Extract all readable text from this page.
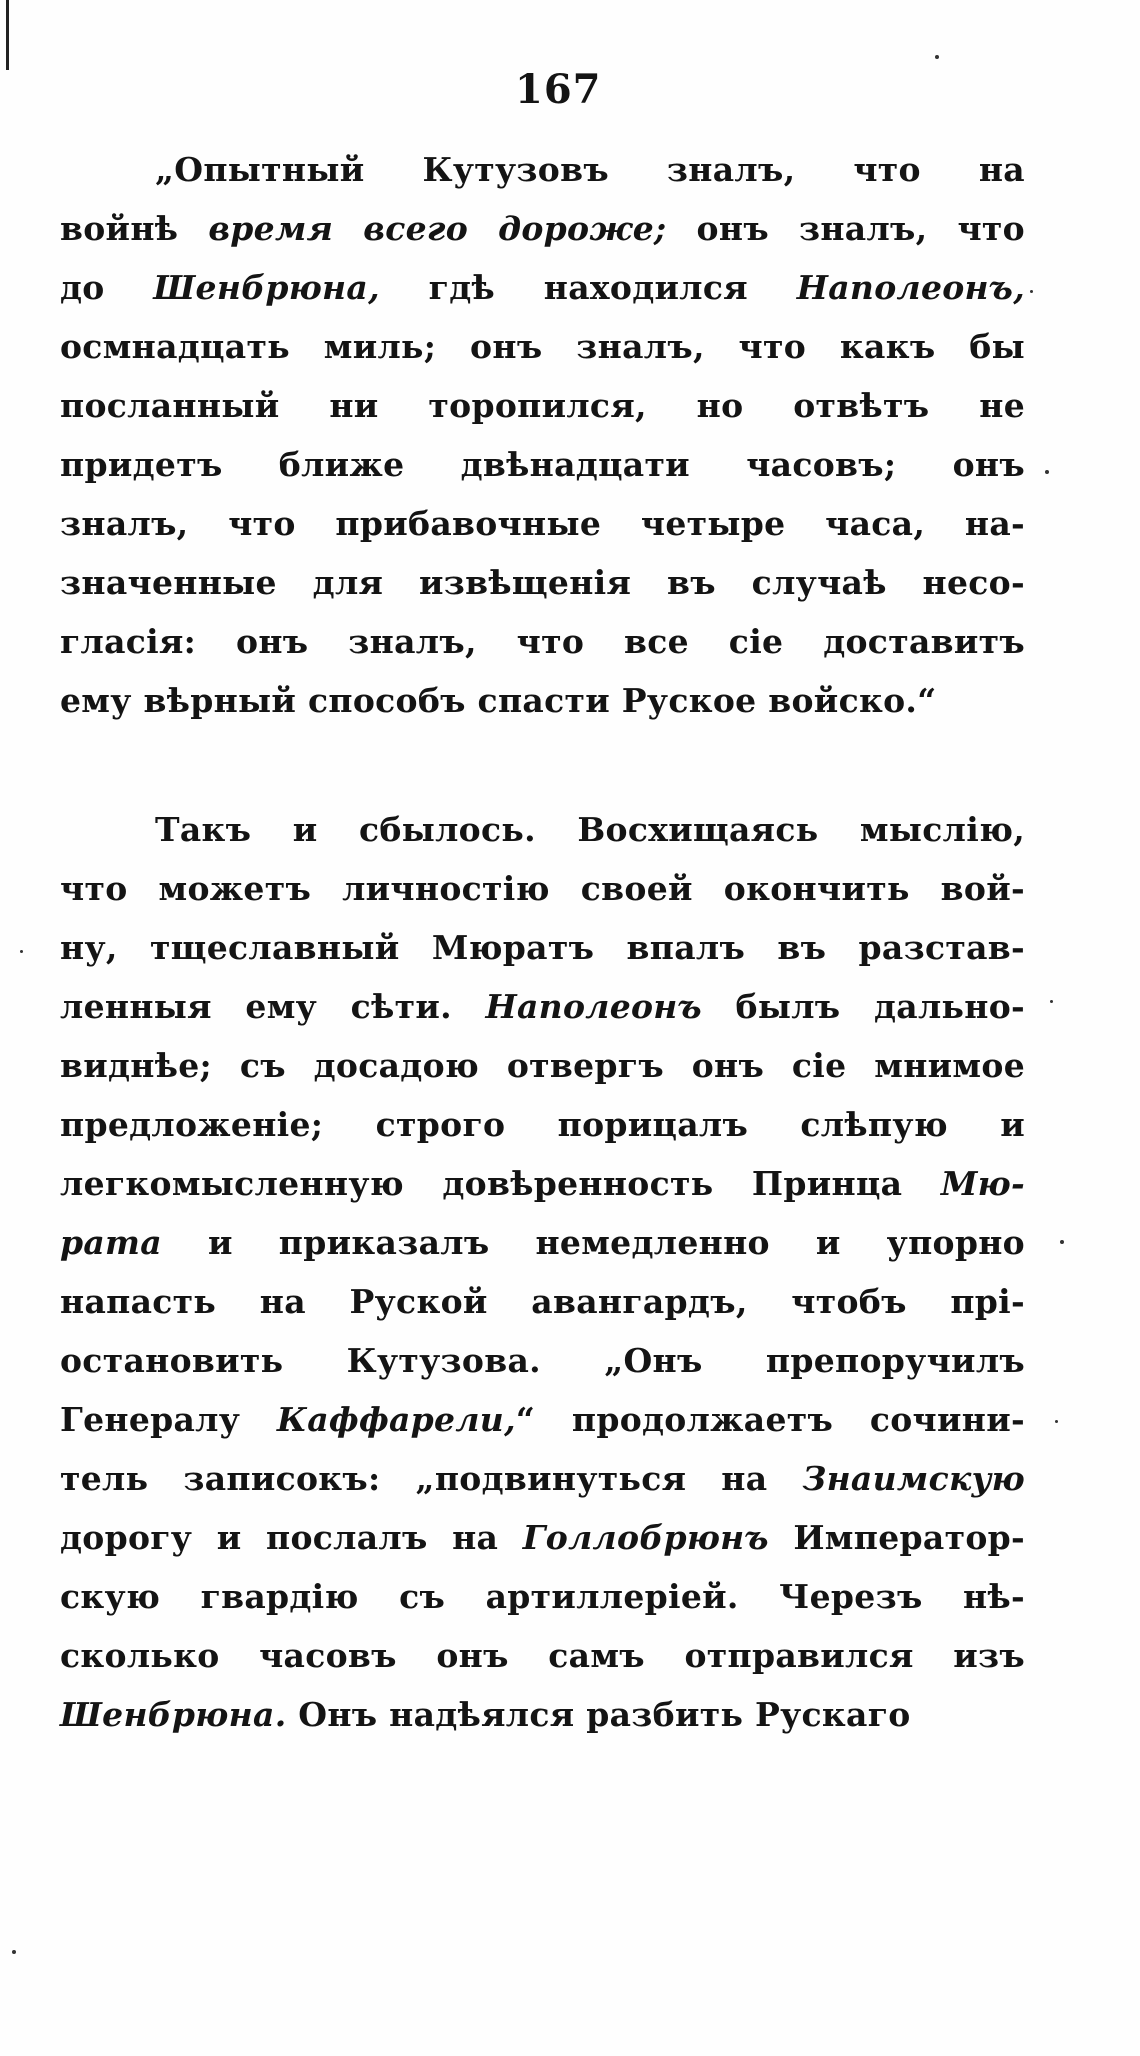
167
„Опытный Кутузовъ зналъ, что на
войнѣ время всего дороже; онъ зналъ, что
до Шенбрюна, гдѣ находился Наполеонъ,
осмнадцать миль; онъ зналъ, что какъ бы
посланный ни торопился, но отвѣтъ не
придетъ ближе двѣнадцати часовъ; онъ
зналъ, что прибавочные четыре часа, на-
значенные для извѣщенія въ случаѣ несо-
гласія: онъ зналъ, что все сіе доставитъ
ему вѣрный способъ спасти Руское войско.“
Такъ и сбылось. Восхищаясь мыслію,
что можетъ личностію своей окончить вой-
ну, тщеславный Мюратъ впалъ въ разстав-
ленныя ему сѣти. Наполеонъ былъ дально-
виднѣе; съ досадою отвергъ онъ сіе мнимое
предложеніе; строго порицалъ слѣпую и
легкомысленную довѣренность Принца Мю-
рата и приказалъ немедленно и упорно
напасть на Руской авангардъ, чтобъ прі-
остановить Кутузова. „Онъ препоручилъ
Генералу Каффарели,“ продолжаетъ сочини-
тель записокъ: „подвинуться на Знаимскую
дорогу и послалъ на Голлобрюнъ Император-
скую гвардію съ артиллеріей. Черезъ нѣ-
сколько часовъ онъ самъ отправился изъ
Шенбрюна. Онъ надѣялся разбить Рускаго
